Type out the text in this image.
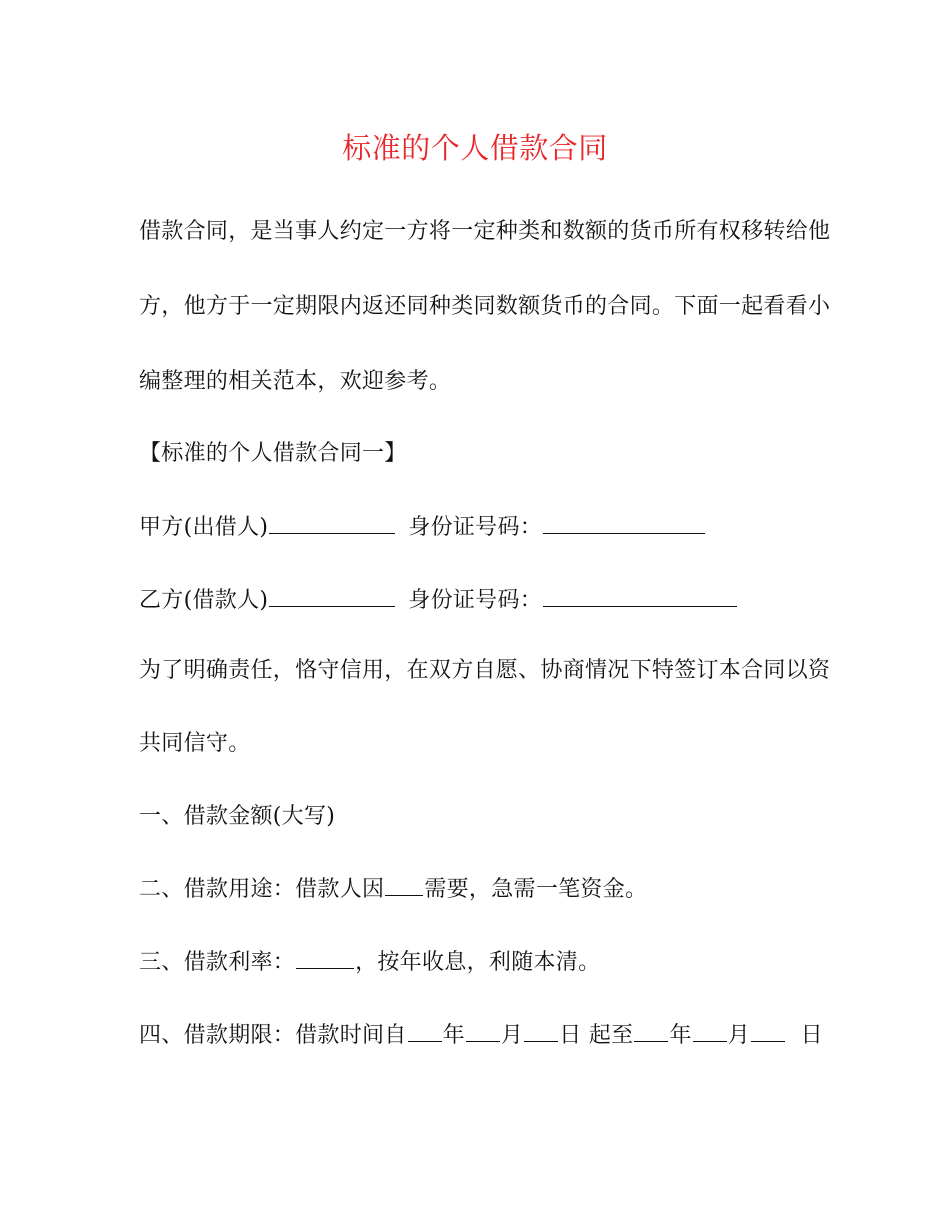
标准的个人借款合同
借款合同，是当事人约定一方将一定种类和数额的货币所有权移转给他
方，他方于一定期限内返还同种类同数额货币的合同。下面一起看看小
编整理的相关范本，欢迎参考。
【标准的个人借款合同一】
甲方(出借人)	身份证号码：
乙方(借款人)	身份证号码：
为了明确责任，恪守信用，在双方自愿、协商情况下特签订本合同以资
共同信守。
一、借款金额(大写)
二、借款用途：借款人因 需要，急需一笔资金。
三、借款利率：	，按年收息，利随本清。
四、借款期限：借款时间自 年 月 日 起至 年 月 日
